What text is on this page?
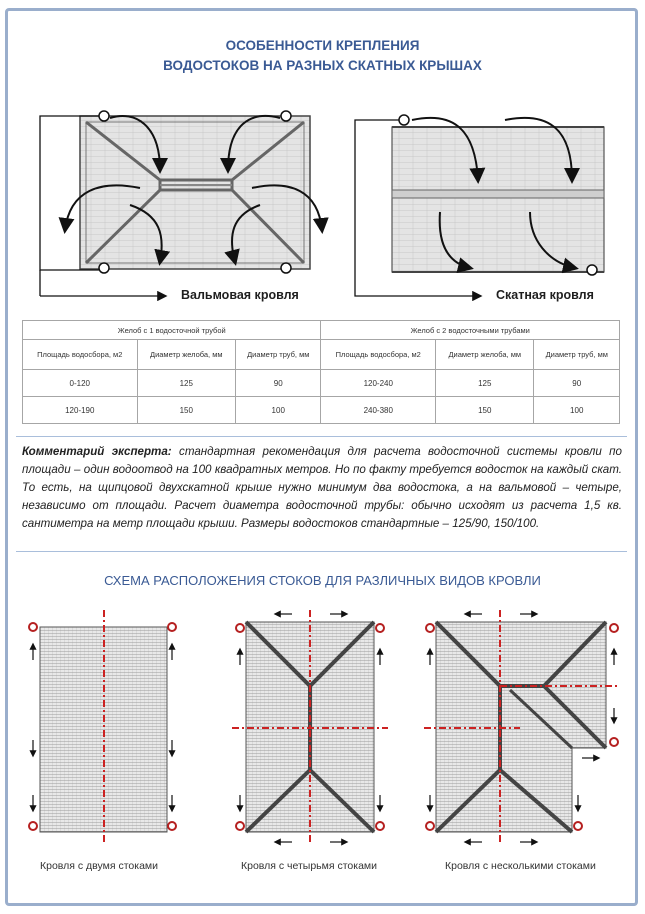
ОСОБЕННОСТИ КРЕПЛЕНИЯ
ВОДОСТОКОВ НА РАЗНЫХ СКАТНЫХ КРЫШАХ
Вальмовая кровля	Скатная кровля
Желоб с 1 водосточной трубой			Желоб с 2 водосточными трубами		
Площадь водосбора, м2	Диаметр желоба, мм	Диаметр труб, мм	Площадь водосбора, м2	Диаметр желоба, мм	Диаметр труб, мм
0-120	125	90	120-240	125	90
120-190	150	100	240-380	150	100
Комментарий эксперта: стандартная рекомендация для расчета водосточной системы кровли по площади – один водоотвод на 100 квадратных метров. Но по факту требуется водосток на каждый скат. То есть, на щипцовой двухскатной крыше нужно минимум два водостока, а на вальмовой – четыре, независимо от площади. Расчет диаметра водосточной трубы: обычно исходят из расчета 1,5 кв. сантиметра на метр площади крыши. Размеры водостоков стандартные – 125/90, 150/100.
СХЕМА РАСПОЛОЖЕНИЯ СТОКОВ ДЛЯ РАЗЛИЧНЫХ ВИДОВ КРОВЛИ
Кровля с двумя стоками	Кровля с четырьмя стоками	Кровля с несколькими стоками
